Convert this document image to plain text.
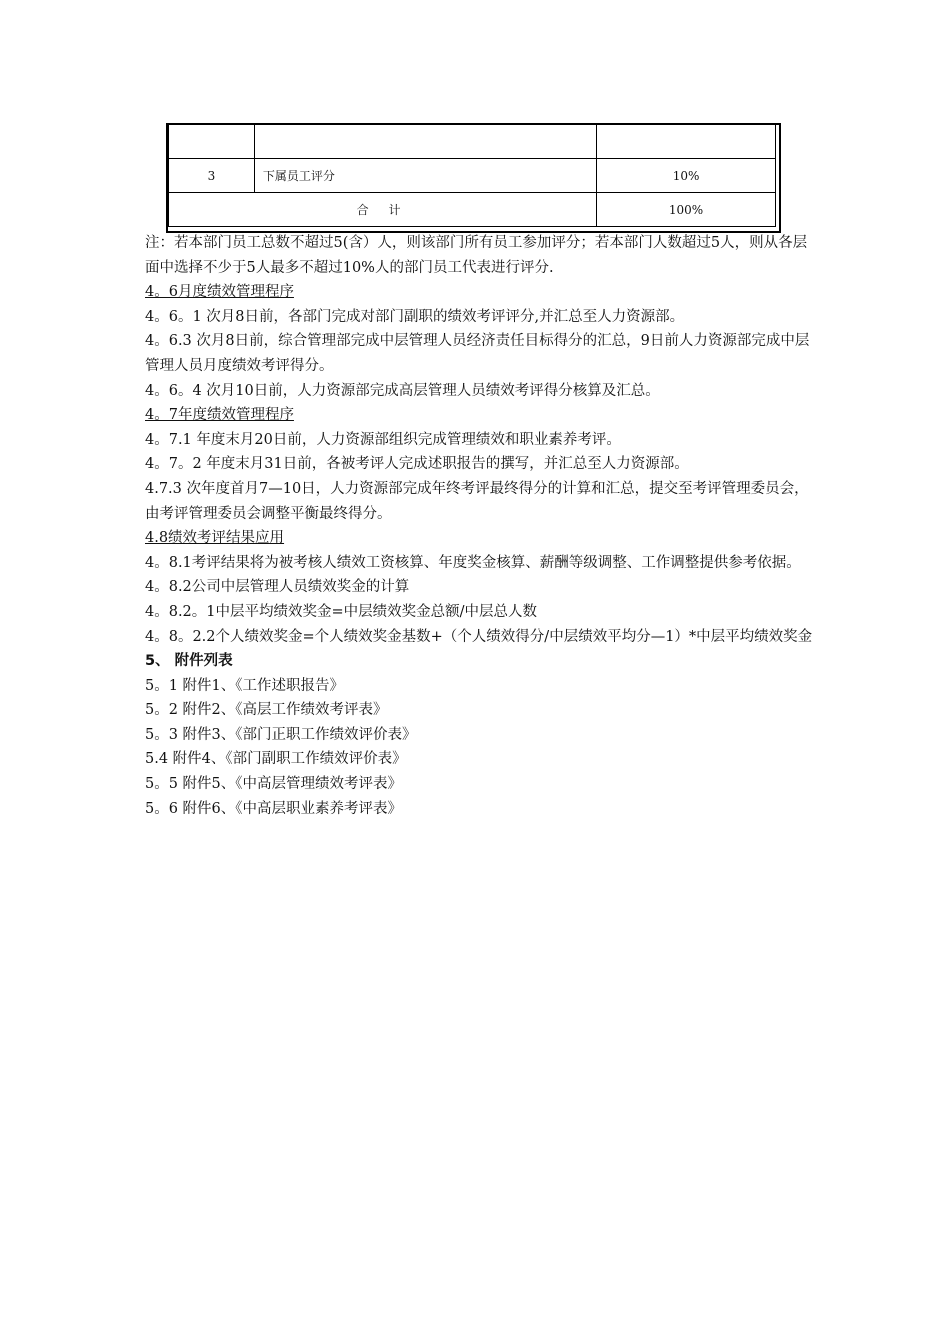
3	下属员工评分	10%
合 计		100%

注：若本部门员工总数不超过5(含）人，则该部门所有员工参加评分；若本部门人数超过5人，则从各层面中选择不少于5人最多不超过10%人的部门员工代表进行评分.

4。6月度绩效管理程序

4。6。1 次月8日前，各部门完成对部门副职的绩效考评评分,并汇总至人力资源部。

4。6.3 次月8日前，综合管理部完成中层管理人员经济责任目标得分的汇总，9日前人力资源部完成中层管理人员月度绩效考评得分。

4。6。4 次月10日前，人力资源部完成高层管理人员绩效考评得分核算及汇总。

4。7年度绩效管理程序

4。7.1 年度末月20日前，人力资源部组织完成管理绩效和职业素养考评。

4。7。2 年度末月31日前，各被考评人完成述职报告的撰写，并汇总至人力资源部。

4.7.3 次年度首月7—10日，人力资源部完成年终考评最终得分的计算和汇总，提交至考评管理委员会，由考评管理委员会调整平衡最终得分。

4.8绩效考评结果应用

4。8.1考评结果将为被考核人绩效工资核算、年度奖金核算、薪酬等级调整、工作调整提供参考依据。

4。8.2公司中层管理人员绩效奖金的计算

4。8.2。1中层平均绩效奖金=中层绩效奖金总额/中层总人数

4。8。2.2个人绩效奖金=个人绩效奖金基数+（个人绩效得分/中层绩效平均分—1）*中层平均绩效奖金

5、 附件列表

5。1 附件1、《工作述职报告》

5。2 附件2、《高层工作绩效考评表》

5。3 附件3、《部门正职工作绩效评价表》

5.4 附件4、《部门副职工作绩效评价表》

5。5 附件5、《中高层管理绩效考评表》

5。6 附件6、《中高层职业素养考评表》
